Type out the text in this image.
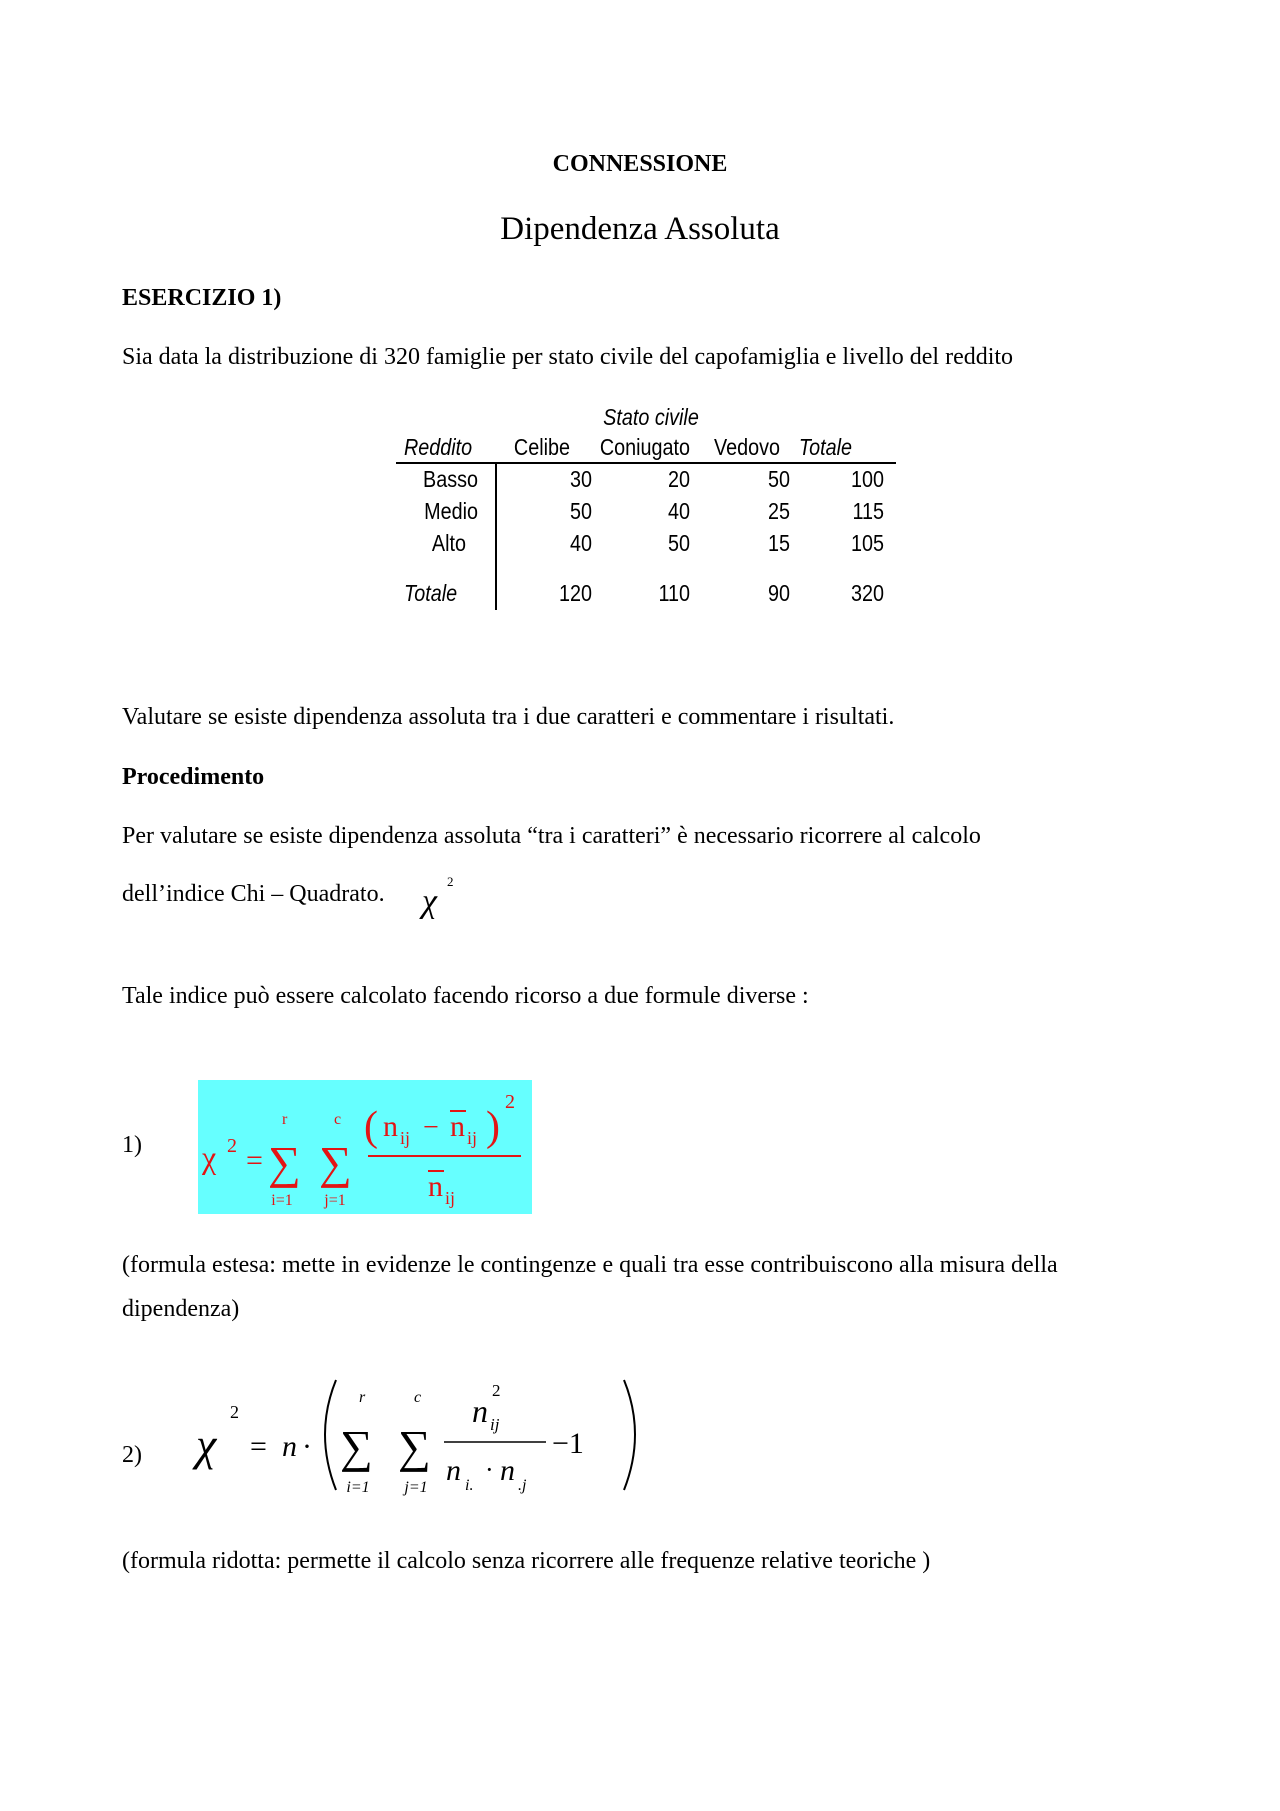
CONNESSIONE
Dipendenza Assoluta
ESERCIZIO 1)
Sia data la distribuzione di 320 famiglie per stato civile del capofamiglia e livello del reddito
Stato civile
Reddito	Celibe	Coniugato Vedovo Totale
Basso	30	20	50	100
Medio	50	40	25	115
Alto	40	50	15	105
Totale	120	110	90	320
Valutare se esiste dipendenza assoluta tra i due caratteri e commentare i risultati.
Procedimento
Per valutare se esiste dipendenza assoluta “tra i caratteri” è necessario ricorrere al calcolo
dell’indice Chi – Quadrato. χ
2
Tale indice può essere calcolato facendo ricorso a due formule diverse :
1) χ 2 =
r
∑
i=1
c
∑
j=1
( n ij − n ij )
2
n ij
(formula estesa: mette in evidenze le contingenze e quali tra esse contribuiscono alla misura della
dipendenza)
2) χ
2
= n ·
r
∑
i=1
c
∑
j=1
n
2
ij
n i.
· n .j
−1
(formula ridotta: permette il calcolo senza ricorrere alle frequenze relative teoriche )
